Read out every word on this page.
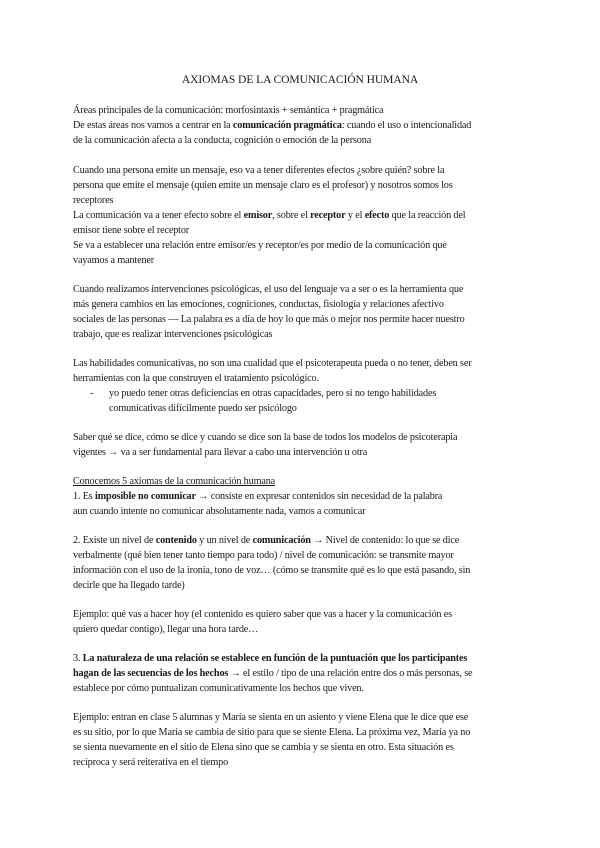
AXIOMAS DE LA COMUNICACIÓN HUMANA
Áreas principales de la comunicación: morfosintaxis + semántica + pragmática
De estas áreas nos vamos a centrar en la comunicación pragmática: cuando el uso o intencionalidad
de la comunicación afecta a la conducta, cognición o emoción de la persona
Cuando una persona emite un mensaje, eso va a tener diferentes efectos ¿sobre quién? sobre la
persona que emite el mensaje (quien emite un mensaje claro es el profesor) y nosotros somos los
receptores
La comunicación va a tener efecto sobre el emisor, sobre el receptor y el efecto que la reacción del
emisor tiene sobre el receptor
Se va a establecer una relación entre emisor/es y receptor/es por medio de la comunicación que
vayamos a mantener
Cuando realizamos intervenciones psicológicas, el uso del lenguaje va a ser o es la herramienta que
más genera cambios en las emociones, cogniciones, conductas, fisiología y relaciones afectivo
sociales de las personas — La palabra es a día de hoy lo que más o mejor nos permite hacer nuestro
trabajo, que es realizar intervenciones psicológicas
Las habilidades comunicativas, no son una cualidad que el psicoterapeuta pueda o no tener, deben ser
herramientas con la que construyen el tratamiento psicológico.
- yo puedo tener otras deficiencias en otras capacidades, pero si no tengo habilidades
comunicativas difícilmente puedo ser psicólogo
Saber qué se dice, cómo se dice y cuando se dice son la base de todos los modelos de psicoterapia
vigentes → va a ser fundamental para llevar a cabo una intervención u otra
Conocemos 5 axiomas de la comunicación humana
1. Es imposible no comunicar → consiste en expresar contenidos sin necesidad de la palabra
aun cuando intente no comunicar absolutamente nada, vamos a comunicar
2. Existe un nivel de contenido y un nivel de comunicación → Nivel de contenido: lo que se dice
verbalmente (qué bien tener tanto tiempo para todo) / nivel de comunicación: se transmite mayor
información con el uso de la ironía, tono de voz… (cómo se transmite qué es lo que está pasando, sin
decirle que ha llegado tarde)
Ejemplo: qué vas a hacer hoy (el contenido es quiero saber que vas a hacer y la comunicación es
quiero quedar contigo), llegar una hora tarde…
3. La naturaleza de una relación se establece en función de la puntuación que los participantes
hagan de las secuencias de los hechos → el estilo / tipo de una relación entre dos o más personas, se
establece por cómo puntualizan comunicativamente los hechos que viven.
Ejemplo: entran en clase 5 alumnas y María se sienta en un asiento y viene Elena que le dice que ese
es su sitio, por lo que María se cambia de sitio para que se siente Elena. La próxima vez, María ya no
se sienta nuevamente en el sitio de Elena sino que se cambia y se sienta en otro. Esta situación es
recíproca y será reiterativa en el tiempo
